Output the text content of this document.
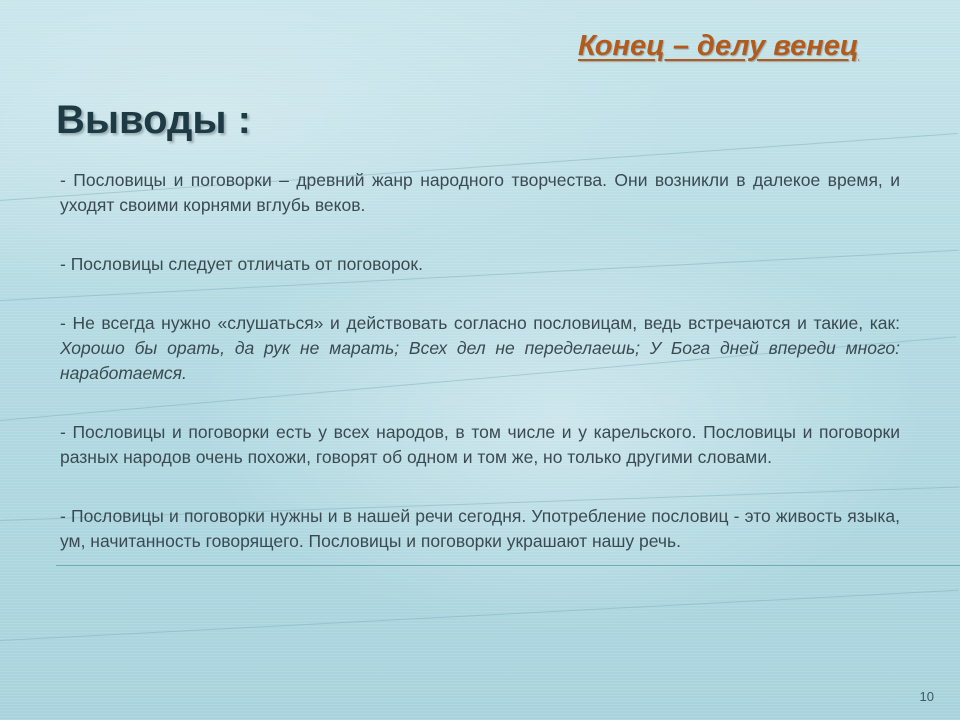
Конец – делу венец
Выводы :

- Пословицы и поговорки – древний жанр народного творчества. Они возникли в далекое время, и уходят своими корнями вглубь веков.

- Пословицы следует отличать от поговорок.

- Не всегда нужно «слушаться» и действовать согласно пословицам, ведь встречаются и такие, как: Хорошо бы орать, да рук не марать; Всех дел не переделаешь; У Бога дней впереди много: наработаемся.

- Пословицы и поговорки есть у всех народов, в том числе и у карельского. Пословицы и поговорки разных народов очень похожи, говорят об одном и том же, но только другими словами.

- Пословицы и поговорки нужны и в нашей речи сегодня. Употребление пословиц - это живость языка, ум, начитанность говорящего. Пословицы и поговорки украшают нашу речь.

10
